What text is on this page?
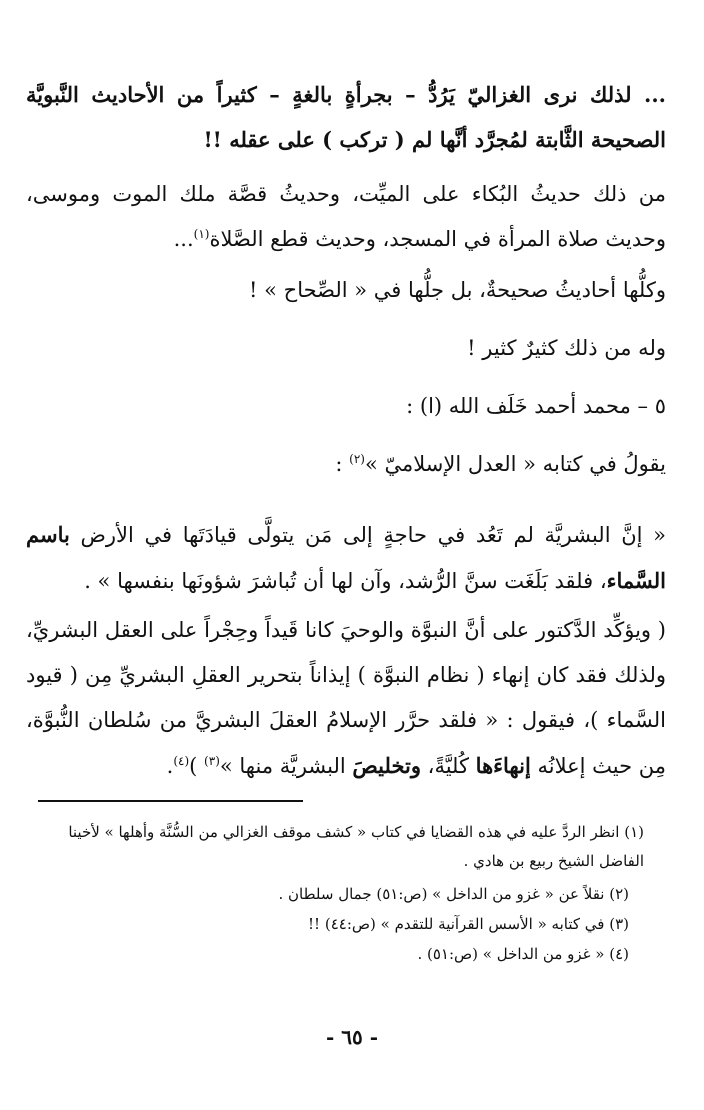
... لذلك نرى الغزاليّ يَرُدُّ – بجرأةٍ بالغةٍ – كثيراً من الأحاديث النَّبويَّة الصحيحة الثَّابتة لمُجرَّد أنَّها لم ( تركب ) على عقله !!
من ذلك حديثُ البُكاء على الميِّت، وحديثُ قصَّة ملك الموت وموسى، وحديث صلاة المرأة في المسجد، وحديث قطع الصَّلاة$^{(١)}$...
وكلُّها أحاديثُ صحيحةٌ، بل جلُّها في « الصِّحاح » !
وله من ذلك كثيرٌ كثير !
٥ – محمد أحمد خَلَف الله (ا) :
يقولُ في كتابه « العدل الإسلاميّ »$^{(٢)}$ :
« إنَّ البشريَّة لم تَعُد في حاجةٍ إلى مَن يتولَّى قيادَتَها في الأرض باسم السَّماء، فلقد بَلَغَت سنَّ الرُّشد، وآن لها أن تُباشرَ شؤونَها بنفسها » .
( ويؤكِّد الدَّكتور على أنَّ النبوَّة والوحيَ كانا قَيداً وحِجْراً على العقل البشريِّ، ولذلك فقد كان إنهاء ( نظام النبوَّة ) إيذاناً بتحرير العقلِ البشريِّ مِن ( قيود السَّماء )، فيقول : « فلقد حرَّر الإسلامُ العقلَ البشريَّ من سُلطان النُّبوَّة، مِن حيث إعلانُه إنهاءَها كُليَّةً، وتخليصَ البشريَّة منها »$^{(٣)}$ )$^{(٤)}$.
(١) انظر الردَّ عليه في هذه القضايا في كتاب « كشف موقف الغزالي من السُّنَّة وأهلها » لأخينا الفاضل الشيخ ربيع بن هادي .
(٢) نقلاً عن « غزو من الداخل » (ص:٥١) جمال سلطان .
(٣) في كتابه « الأسس القرآنية للتقدم » (ص:٤٤) !!
(٤) « غزو من الداخل » (ص:٥١) .
- ٦٥ -
